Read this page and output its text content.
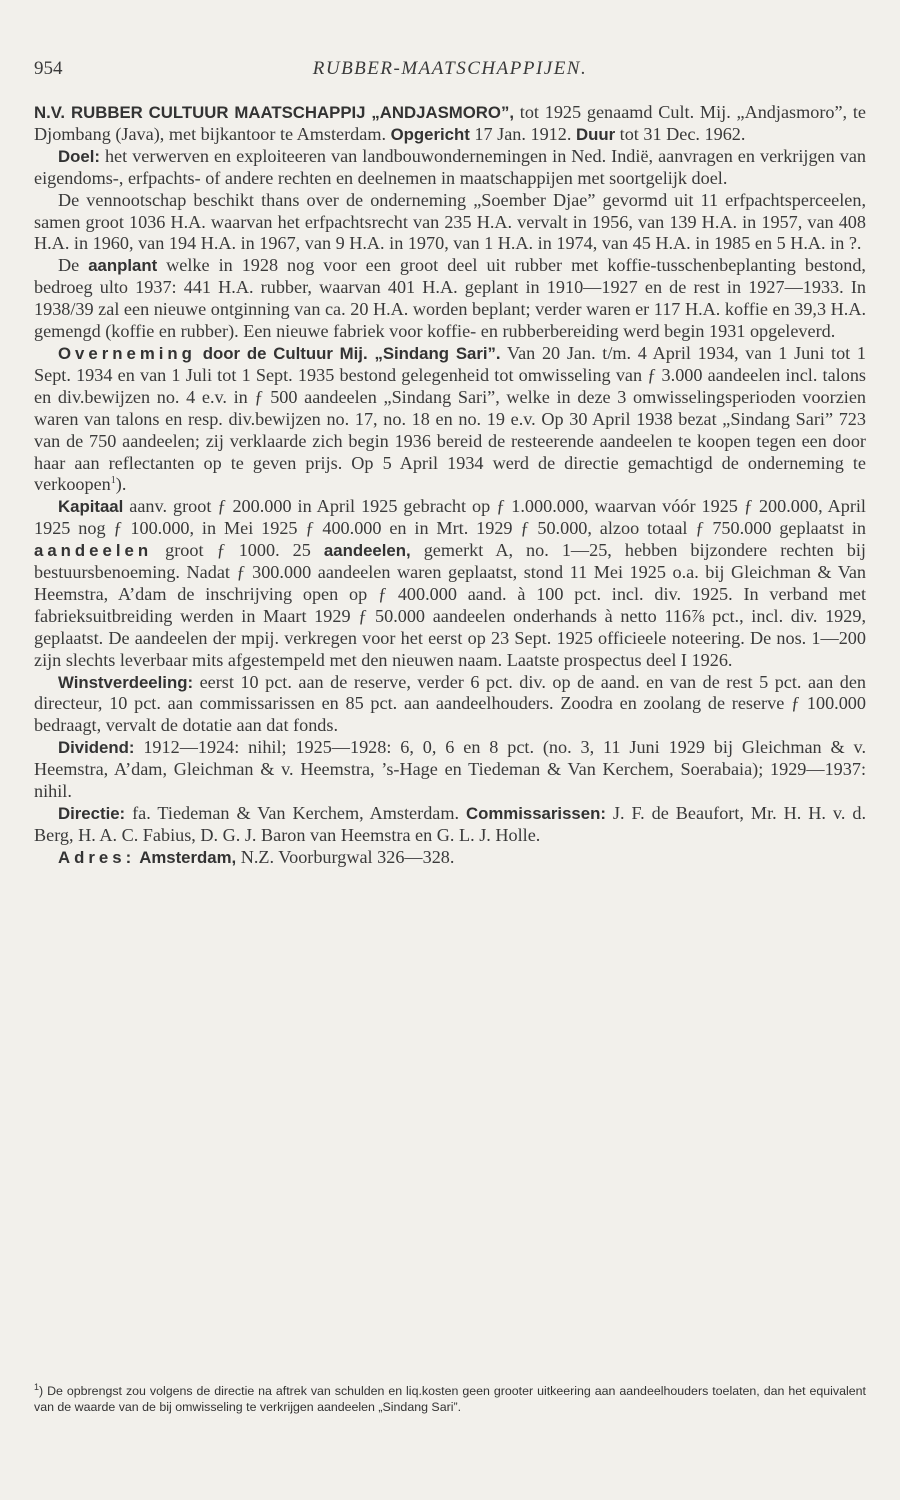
954	RUBBER-MAATSCHAPPIJEN.

N.V. RUBBER CULTUUR MAATSCHAPPIJ „ANDJASMORO”, tot 1925 genaamd Cult. Mij. „Andjasmoro”, te Djombang (Java), met bijkantoor te Amsterdam. Opgericht 17 Jan. 1912. Duur tot 31 Dec. 1962.

Doel: het verwerven en exploiteeren van landbouwondernemingen in Ned. Indië, aanvragen en verkrijgen van eigendoms-, erfpachts- of andere rechten en deelnemen in maatschappijen met soortgelijk doel.

De vennootschap beschikt thans over de onderneming „Soember Djae” gevormd uit 11 erfpachtsperceelen, samen groot 1036 H.A. waarvan het erfpachtsrecht van 235 H.A. vervalt in 1956, van 139 H.A. in 1957, van 408 H.A. in 1960, van 194 H.A. in 1967, van 9 H.A. in 1970, van 1 H.A. in 1974, van 45 H.A. in 1985 en 5 H.A. in ?.

De aanplant welke in 1928 nog voor een groot deel uit rubber met koffie-tusschenbeplanting bestond, bedroeg ulto 1937: 441 H.A. rubber, waarvan 401 H.A. geplant in 1910—1927 en de rest in 1927—1933. In 1938/39 zal een nieuwe ontginning van ca. 20 H.A. worden beplant; verder waren er 117 H.A. koffie en 39,3 H.A. gemengd (koffie en rubber). Een nieuwe fabriek voor koffie- en rubberbereiding werd begin 1931 opgeleverd.

Overneming door de Cultuur Mij. „Sindang Sari”. Van 20 Jan. t/m. 4 April 1934, van 1 Juni tot 1 Sept. 1934 en van 1 Juli tot 1 Sept. 1935 bestond gelegenheid tot omwisseling van ƒ 3.000 aandeelen incl. talons en div.bewijzen no. 4 e.v. in ƒ 500 aandeelen „Sindang Sari”, welke in deze 3 omwisselingsperioden voorzien waren van talons en resp. div.bewijzen no. 17, no. 18 en no. 19 e.v. Op 30 April 1938 bezat „Sindang Sari” 723 van de 750 aandeelen; zij verklaarde zich begin 1936 bereid de resteerende aandeelen te koopen tegen een door haar aan reflectanten op te geven prijs. Op 5 April 1934 werd de directie gemachtigd de onderneming te verkoopen$^1$).

Kapitaal aanv. groot ƒ 200.000 in April 1925 gebracht op ƒ 1.000.000, waarvan vóór 1925 ƒ 200.000, April 1925 nog ƒ 100.000, in Mei 1925 ƒ 400.000 en in Mrt. 1929 ƒ 50.000, alzoo totaal ƒ 750.000 geplaatst in aandeelen groot ƒ 1000. 25 aandeelen, gemerkt A, no. 1—25, hebben bijzondere rechten bij bestuursbenoeming. Nadat ƒ 300.000 aandeelen waren geplaatst, stond 11 Mei 1925 o.a. bij Gleichman & Van Heemstra, A’dam de inschrijving open op ƒ 400.000 aand. à 100 pct. incl. div. 1925. In verband met fabrieksuitbreiding werden in Maart 1929 ƒ 50.000 aandeelen onderhands à netto 116⅞ pct., incl. div. 1929, geplaatst. De aandeelen der mpij. verkregen voor het eerst op 23 Sept. 1925 officieele noteering. De nos. 1—200 zijn slechts leverbaar mits afgestempeld met den nieuwen naam. Laatste prospectus deel I 1926.

Winstverdeeling: eerst 10 pct. aan de reserve, verder 6 pct. div. op de aand. en van de rest 5 pct. aan den directeur, 10 pct. aan commissarissen en 85 pct. aan aandeelhouders. Zoodra en zoolang de reserve ƒ 100.000 bedraagt, vervalt de dotatie aan dat fonds.

Dividend: 1912—1924: nihil; 1925—1928: 6, 0, 6 en 8 pct. (no. 3, 11 Juni 1929 bij Gleichman & v. Heemstra, A’dam, Gleichman & v. Heemstra, ’s-Hage en Tiedeman & Van Kerchem, Soerabaia); 1929—1937: nihil.

Directie: fa. Tiedeman & Van Kerchem, Amsterdam. Commissarissen: J. F. de Beaufort, Mr. H. H. v. d. Berg, H. A. C. Fabius, D. G. J. Baron van Heemstra en G. L. J. Holle.

Adres: Amsterdam, N.Z. Voorburgwal 326—328.

$^1$) De opbrengst zou volgens de directie na aftrek van schulden en liq.kosten geen grooter uitkeering aan aandeelhouders toelaten, dan het equivalent van de waarde van de bij omwisseling te verkrijgen aandeelen „Sindang Sari”.
